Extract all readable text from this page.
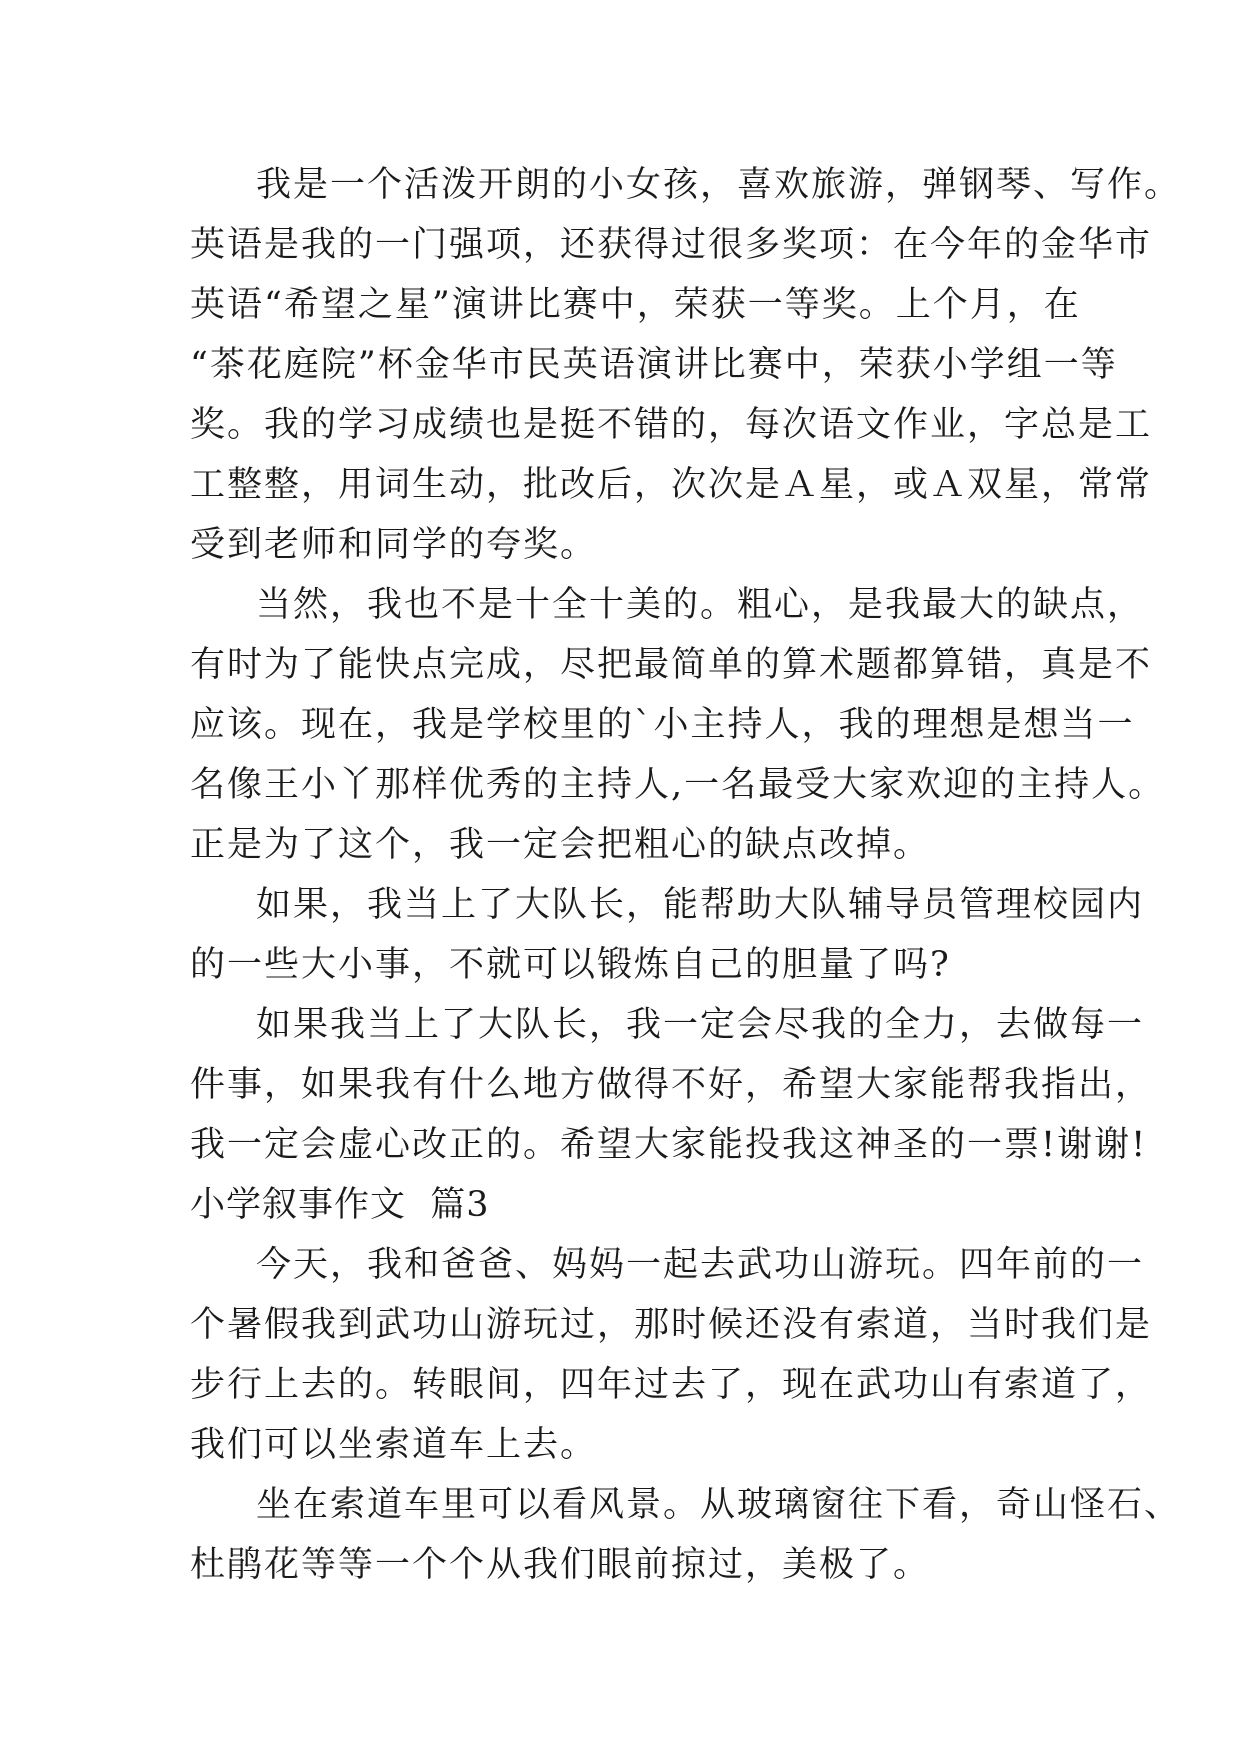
我是一个活泼开朗的小女孩，喜欢旅游，弹钢琴、写作。

英语是我的一门强项，还获得过很多奖项：在今年的金华市

英语“希望之星”演讲比赛中，荣获一等奖。上个月，在

“茶花庭院”杯金华市民英语演讲比赛中，荣获小学组一等

奖。我的学习成绩也是挺不错的，每次语文作业，字总是工

工整整，用词生动，批改后，次次是Ａ星，或Ａ双星，常常

受到老师和同学的夸奖。

当然，我也不是十全十美的。粗心，是我最大的缺点，

有时为了能快点完成，尽把最简单的算术题都算错，真是不

应该。现在，我是学校里的`小主持人，我的理想是想当一

名像王小丫那样优秀的主持人,一名最受大家欢迎的主持人。

正是为了这个，我一定会把粗心的缺点改掉。

如果，我当上了大队长，能帮助大队辅导员管理校园内

的一些大小事，不就可以锻炼自己的胆量了吗?

如果我当上了大队长，我一定会尽我的全力，去做每一

件事，如果我有什么地方做得不好，希望大家能帮我指出，

我一定会虚心改正的。希望大家能投我这神圣的一票!谢谢!

小学叙事作文  篇3

今天，我和爸爸、妈妈一起去武功山游玩。四年前的一

个暑假我到武功山游玩过，那时候还没有索道，当时我们是

步行上去的。转眼间，四年过去了，现在武功山有索道了，

我们可以坐索道车上去。

坐在索道车里可以看风景。从玻璃窗往下看，奇山怪石、

杜鹃花等等一个个从我们眼前掠过，美极了。
